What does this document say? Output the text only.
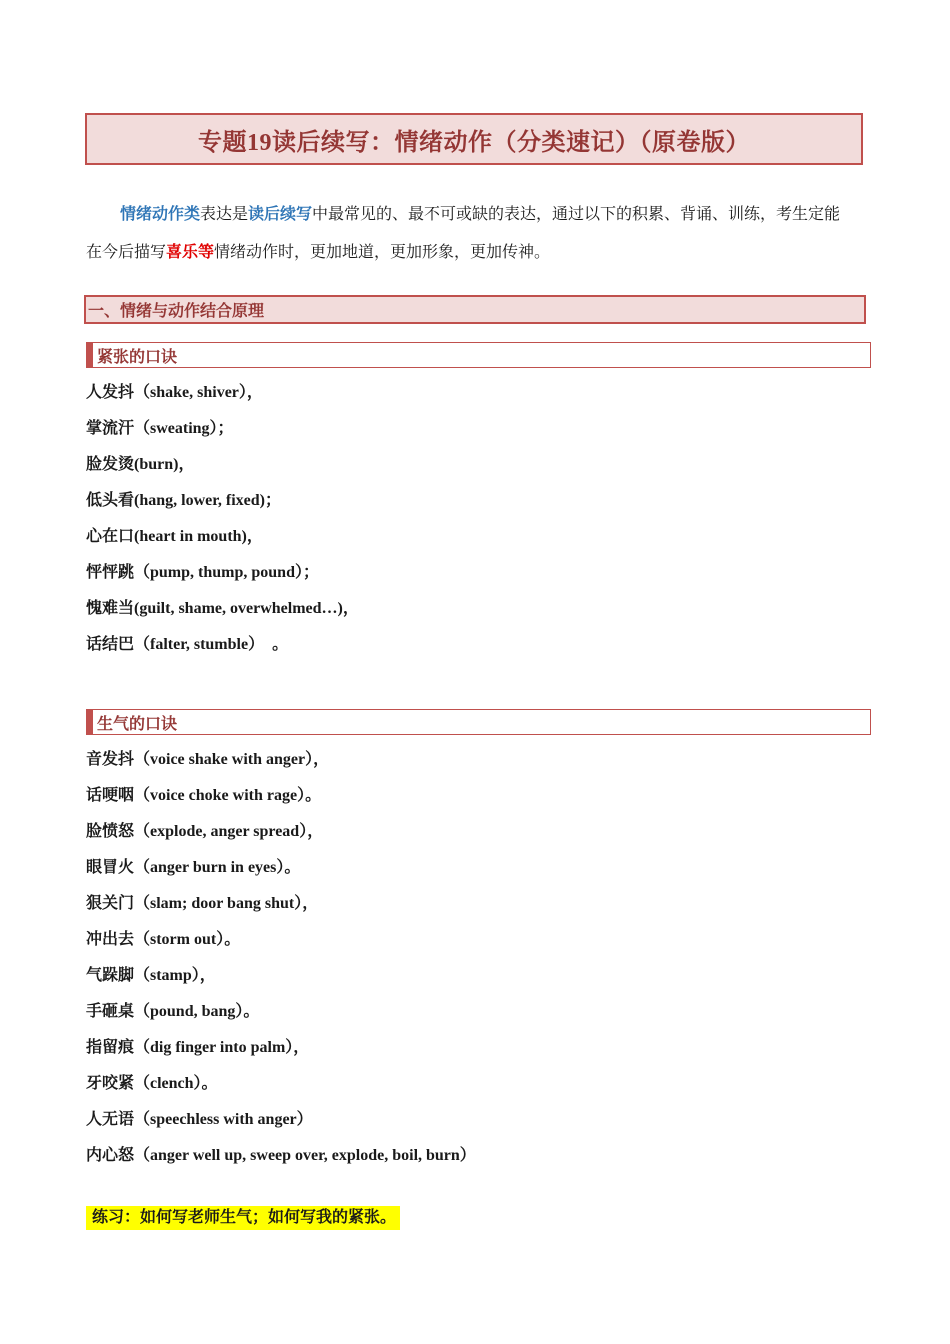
专题19读后续写：情绪动作（分类速记）（原卷版）

情绪动作类表达是读后续写中最常见的、最不可或缺的表达，通过以下的积累、背诵、训练，考生定能在今后描写喜乐等情绪动作时，更加地道，更加形象，更加传神。

一、情绪与动作结合原理
紧张的口诀
人发抖（shake, shiver），
掌流汗（sweating）；
脸发烫(burn)，
低头看(hang, lower, fixed)；
心在口(heart in mouth)，
怦怦跳（pump, thump, pound）；
愧难当(guilt, shame, overwhelmed…)，
话结巴（falter, stumble）　。
生气的口诀
音发抖（voice shake with anger），
话哽咽（voice choke with rage）。
脸愤怒（explode, anger spread），
眼冒火（anger burn in eyes）。
狠关门（slam; door bang shut），
冲出去（storm out）。
气跺脚（stamp），
手砸桌（pound, bang）。
指留痕（dig finger into palm），
牙咬紧（clench）。
人无语（speechless with anger）
内心怒（anger well up, sweep over, explode, boil, burn）
练习：如何写老师生气；如何写我的紧张。
